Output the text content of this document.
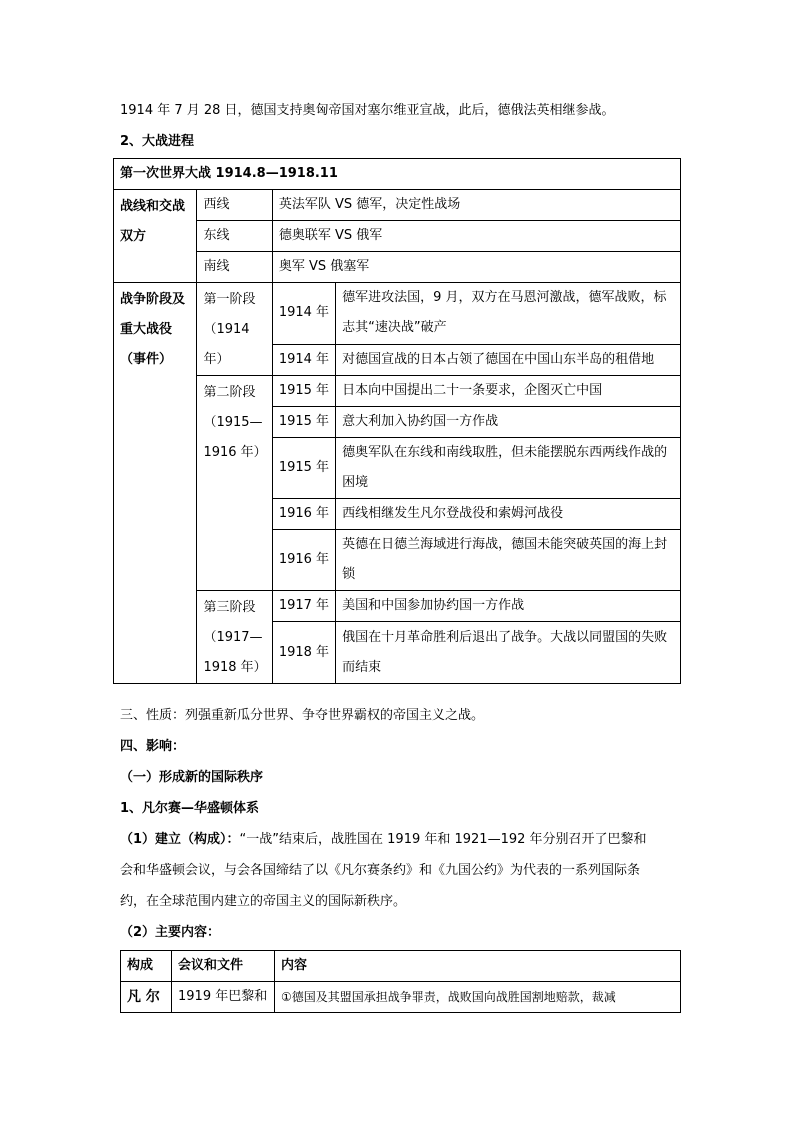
1914 年 7 月 28 日，德国支持奥匈帝国对塞尔维亚宣战，此后，德俄法英相继参战。
2、大战进程
第一次世界大战 1914.8—1918.11			
战线和交战双方	西线	英法军队 VS 德军，决定性战场	
	东线	德奥联军 VS 俄军	
	南线	奥军 VS 俄塞军	
战争阶段及重大战役（事件）	第一阶段（1914 年）	1914 年	德军进攻法国，9 月，双方在马恩河激战，德军战败，标志其“速决战”破产
		1914 年	对德国宣战的日本占领了德国在中国山东半岛的租借地
	第二阶段（1915—1916 年）	1915 年	日本向中国提出二十一条要求，企图灭亡中国
		1915 年	意大利加入协约国一方作战
		1915 年	德奥军队在东线和南线取胜，但未能摆脱东西两线作战的困境
		1916 年	西线相继发生凡尔登战役和索姆河战役
		1916 年	英德在日德兰海域进行海战，德国未能突破英国的海上封锁
	第三阶段（1917—1918 年）	1917 年	美国和中国参加协约国一方作战
		1918 年	俄国在十月革命胜利后退出了战争。大战以同盟国的失败而结束
三、性质：列强重新瓜分世界、争夺世界霸权的帝国主义之战。
四、影响：
（一）形成新的国际秩序
1、凡尔赛—华盛顿体系
（1）建立（构成）：“一战”结束后，战胜国在 1919 年和 1921—192 年分别召开了巴黎和
会和华盛顿会议，与会各国缔结了以《凡尔赛条约》和《九国公约》为代表的一系列国际条
约，在全球范围内建立的帝国主义的国际新秩序。
（2）主要内容：
构成	会议和文件	内容
凡 尔	1919 年巴黎和	①德国及其盟国承担战争罪责，战败国向战胜国割地赔款，裁减
